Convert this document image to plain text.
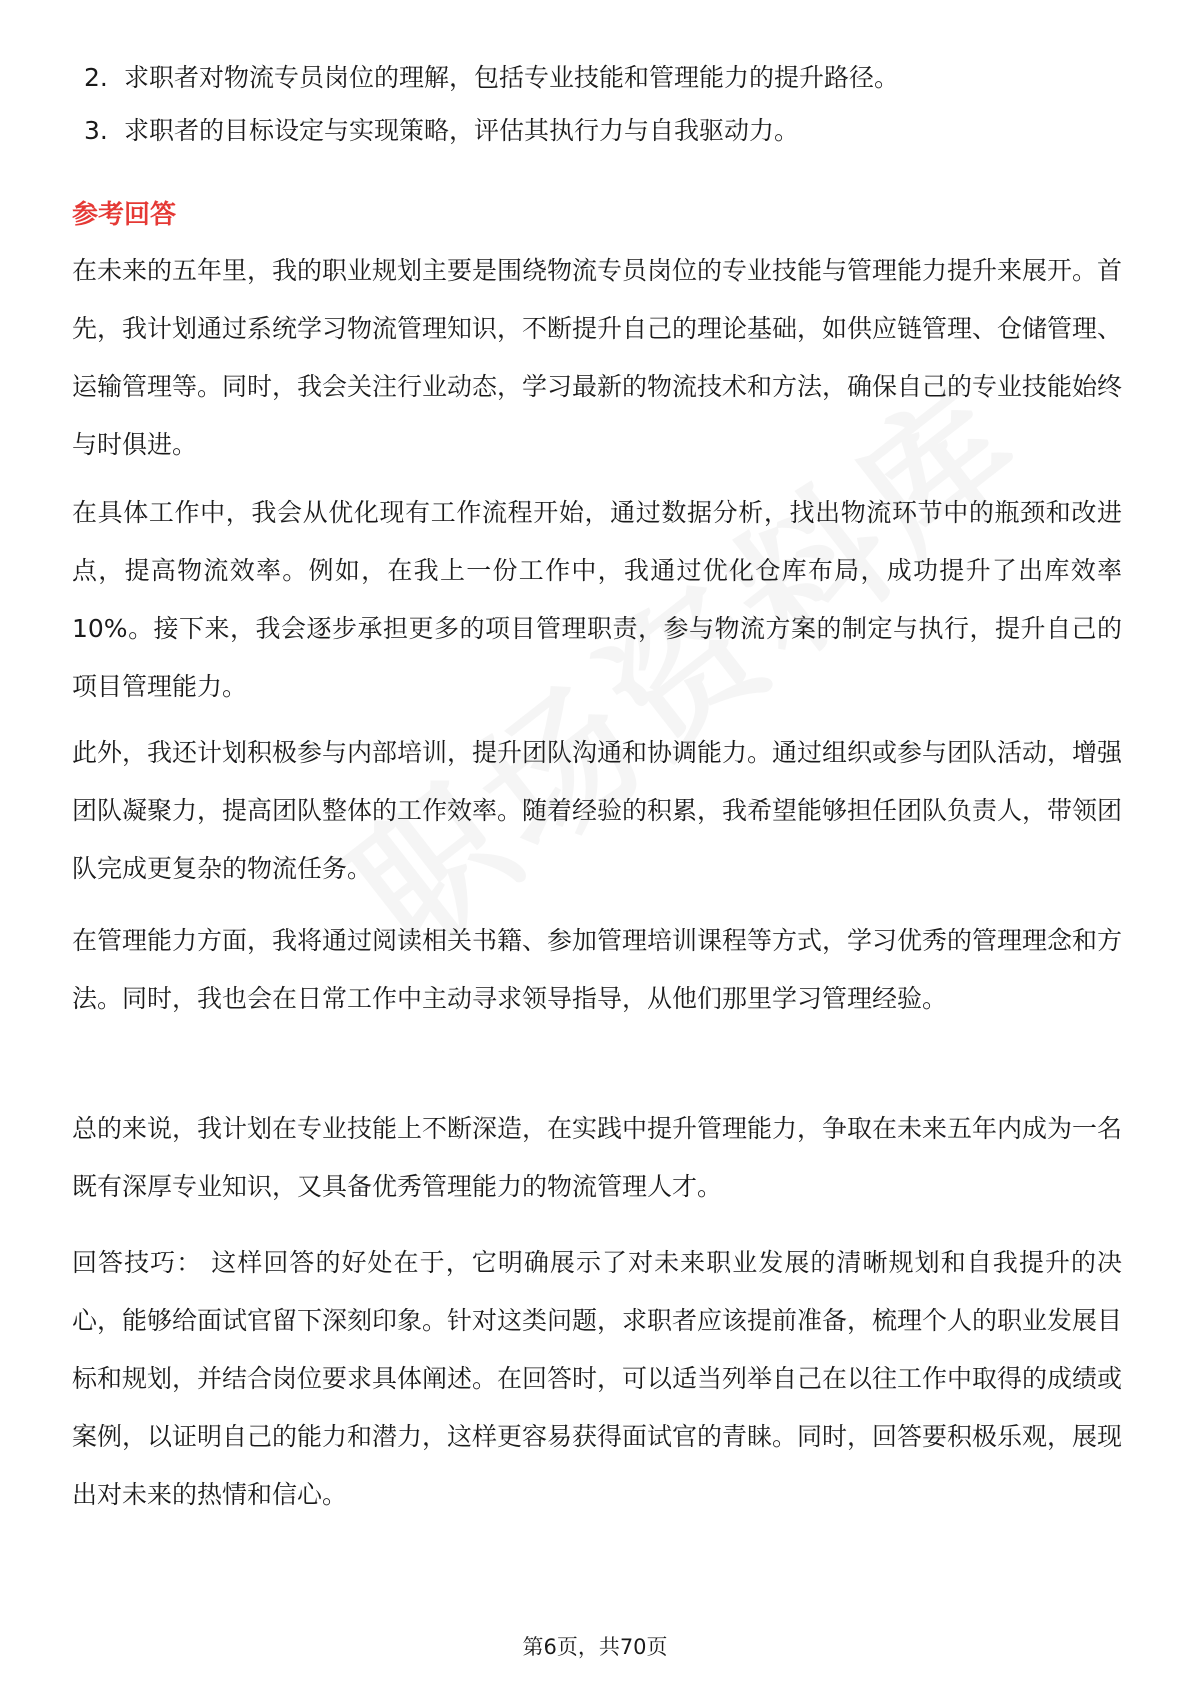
2. 求职者对物流专员岗位的理解，包括专业技能和管理能力的提升路径。
3. 求职者的目标设定与实现策略，评估其执行力与自我驱动力。
参考回答
在未来的五年里，我的职业规划主要是围绕物流专员岗位的专业技能与管理能力提升来展开。首先，我计划通过系统学习物流管理知识，不断提升自己的理论基础，如供应链管理、仓储管理、运输管理等。同时，我会关注行业动态，学习最新的物流技术和方法，确保自己的专业技能始终与时俱进。
在具体工作中，我会从优化现有工作流程开始，通过数据分析，找出物流环节中的瓶颈和改进点，提高物流效率。例如，在我上一份工作中，我通过优化仓库布局，成功提升了出库效率10%。接下来，我会逐步承担更多的项目管理职责，参与物流方案的制定与执行，提升自己的项目管理能力。
此外，我还计划积极参与内部培训，提升团队沟通和协调能力。通过组织或参与团队活动，增强团队凝聚力，提高团队整体的工作效率。随着经验的积累，我希望能够担任团队负责人，带领团队完成更复杂的物流任务。
在管理能力方面，我将通过阅读相关书籍、参加管理培训课程等方式，学习优秀的管理理念和方法。同时，我也会在日常工作中主动寻求领导指导，从他们那里学习管理经验。
总的来说，我计划在专业技能上不断深造，在实践中提升管理能力，争取在未来五年内成为一名既有深厚专业知识，又具备优秀管理能力的物流管理人才。
回答技巧： 这样回答的好处在于，它明确展示了对未来职业发展的清晰规划和自我提升的决心，能够给面试官留下深刻印象。针对这类问题，求职者应该提前准备，梳理个人的职业发展目标和规划，并结合岗位要求具体阐述。在回答时，可以适当列举自己在以往工作中取得的成绩或案例，以证明自己的能力和潜力，这样更容易获得面试官的青睐。同时，回答要积极乐观，展现出对未来的热情和信心。
第6页，共70页
